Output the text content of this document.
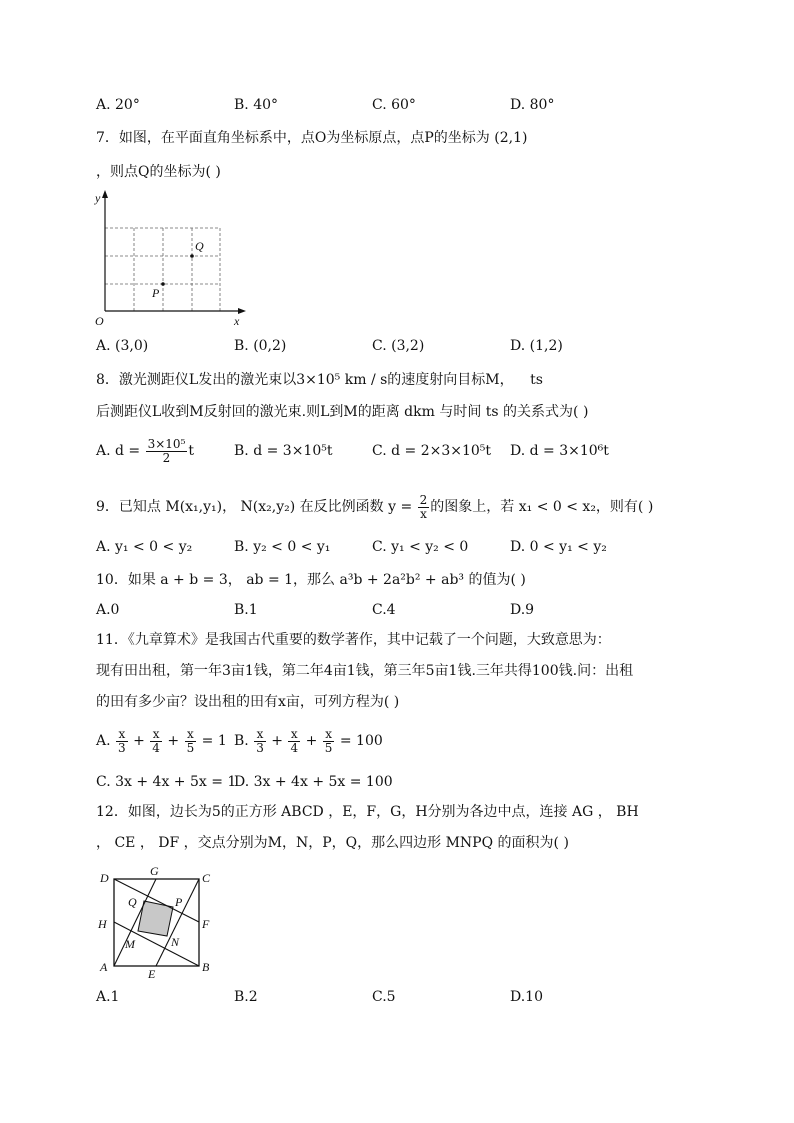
A. 20°	B. 40°	C. 60°	D. 80°
7．如图，在平面直角坐标系中，点O为坐标原点，点P的坐标为 (2,1)
，则点Q的坐标为( )
y
x
O
Q
P
A. (3,0)	B. (0,2)	C. (3,2)	D. (1,2)
8．激光测距仪L发出的激光束以3×10⁵ km / s的速度射向目标M， ts
后测距仪L收到M反射回的激光束.则L到M的距离 dkm 与时间 ts 的关系式为( )
A. $d = \frac{\text{3×10⁵}}{2}$ t	B. d = 3×10⁵t	C. d = 2×3×10⁵t D. d = 3×10⁶t
9．已知点 M(x₁,y₁)， N(x₂,y₂) 在反比例函数 $y = \frac{2}{x}$ 的图象上，若 x₁ < 0 < x₂，则有( )
A. y₁ < 0 < y₂	B. y₂ < 0 < y₁	C. y₁ < y₂ < 0	D. 0 < y₁ < y₂
10．如果 a + b = 3， ab = 1，那么 a³b + 2a²b² + ab³ 的值为( )
A.0	B.1	C.4	D.9
11．《九章算术》是我国古代重要的数学著作，其中记载了一个问题，大致意思为：
现有田出租，第一年3亩1钱，第二年4亩1钱，第三年5亩1钱.三年共得100钱.问：出租
的田有多少亩？设出租的田有x亩，可列方程为( )
A. $\frac{x}{3} + \frac{x}{4} + \frac{x}{5} = 1$ B. $\frac{x}{3} + \frac{x}{4} + \frac{x}{5} = 100$
C. 3x + 4x + 5x = 1
D. 3x + 4x + 5x = 100
12．如图，边长为5的正方形 ABCD ，E，F，G，H分别为各边中点，连接 AG ， BH
， CE ， DF ，交点分别为M，N，P，Q，那么四边形 MNPQ 的面积为( )
D	G	C
Q	P
H	F
M	N
A	E	B
A.1	B.2	C.5	D.10
